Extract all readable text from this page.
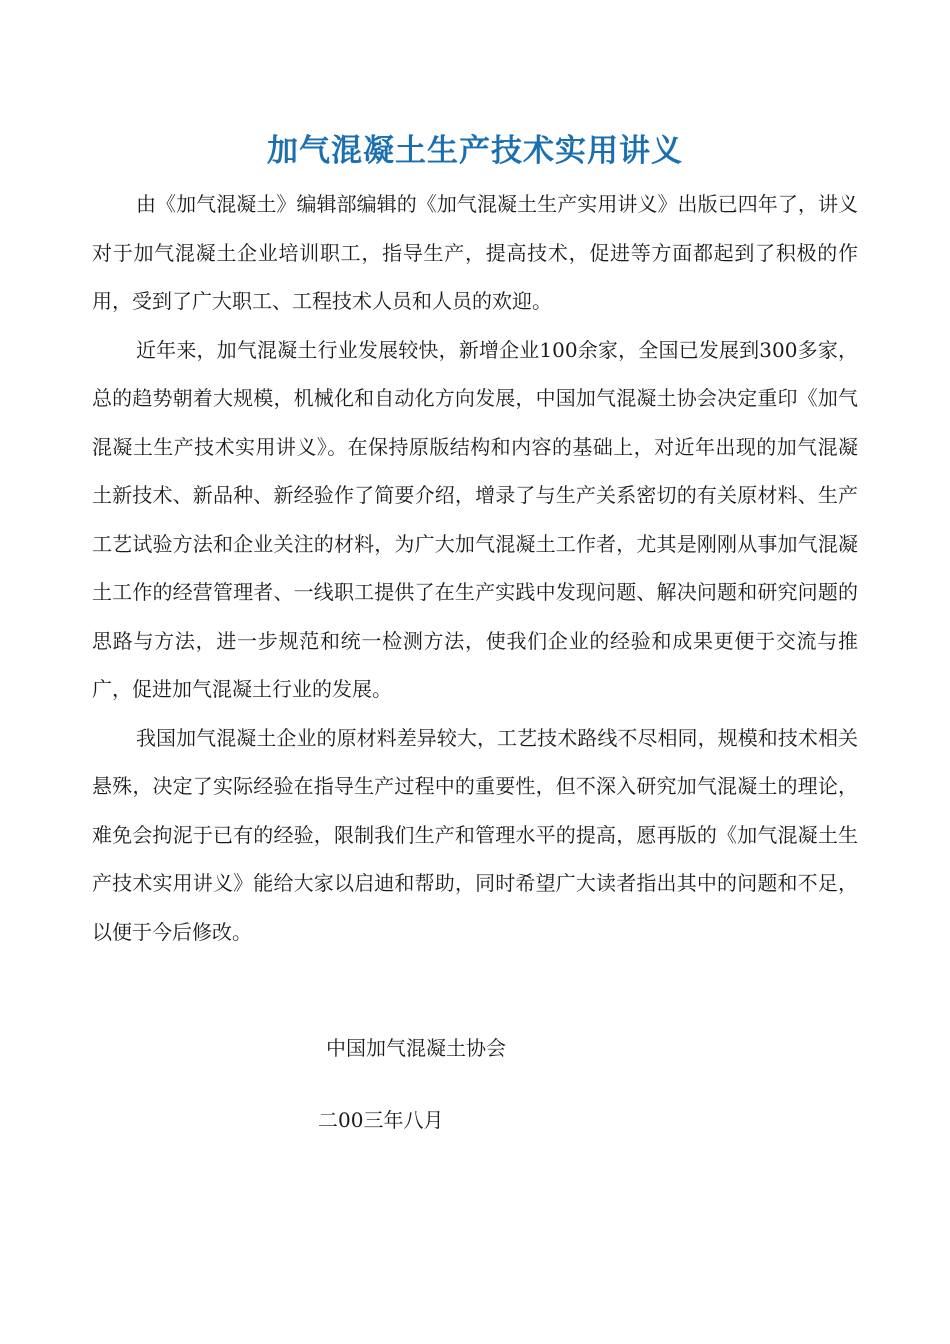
加气混凝土生产技术实用讲义

由《加气混凝土》编辑部编辑的《加气混凝土生产实用讲义》出版已四年了，讲义对于加气混凝土企业培训职工，指导生产，提高技术，促进等方面都起到了积极的作用，受到了广大职工、工程技术人员和人员的欢迎。

近年来，加气混凝土行业发展较快，新增企业100余家，全国已发展到300多家，总的趋势朝着大规模，机械化和自动化方向发展，中国加气混凝土协会决定重印《加气混凝土生产技术实用讲义》。在保持原版结构和内容的基础上，对近年出现的加气混凝土新技术、新品种、新经验作了简要介绍，增录了与生产关系密切的有关原材料、生产工艺试验方法和企业关注的材料，为广大加气混凝土工作者，尤其是刚刚从事加气混凝土工作的经营管理者、一线职工提供了在生产实践中发现问题、解决问题和研究问题的思路与方法，进一步规范和统一检测方法，使我们企业的经验和成果更便于交流与推广，促进加气混凝土行业的发展。

我国加气混凝土企业的原材料差异较大，工艺技术路线不尽相同，规模和技术相关悬殊，决定了实际经验在指导生产过程中的重要性，但不深入研究加气混凝土的理论，难免会拘泥于已有的经验，限制我们生产和管理水平的提高，愿再版的《加气混凝土生产技术实用讲义》能给大家以启迪和帮助，同时希望广大读者指出其中的问题和不足，以便于今后修改。

中国加气混凝土协会
二00三年八月
